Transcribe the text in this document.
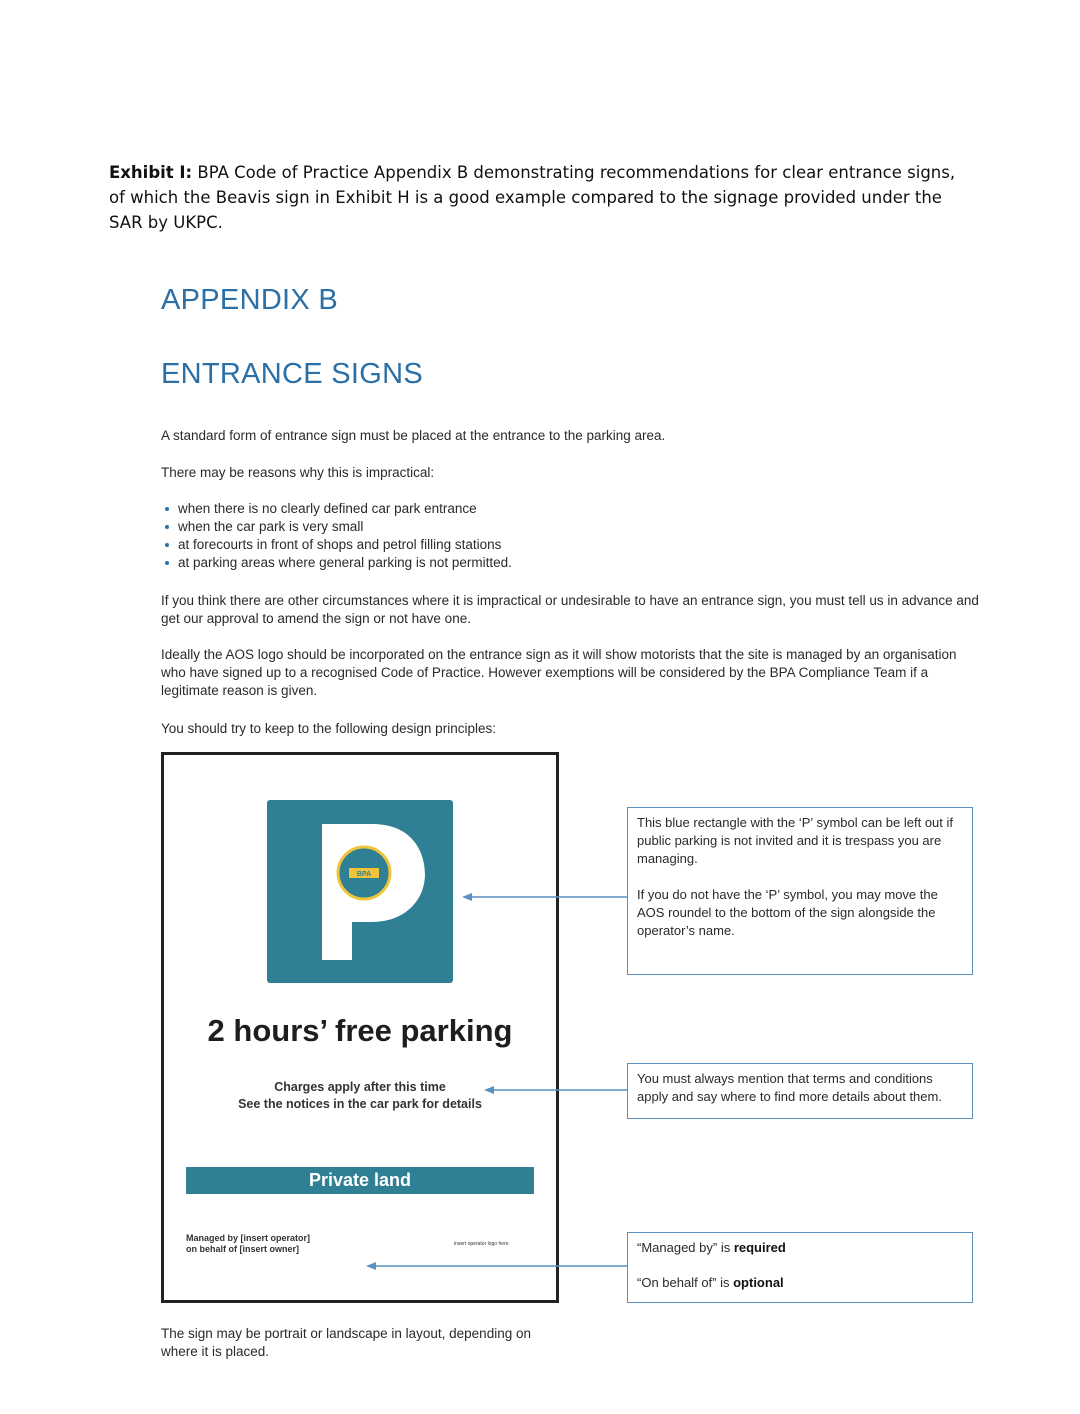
Exhibit I: BPA Code of Practice Appendix B demonstrating recommendations for clear entrance signs, of which the Beavis sign in Exhibit H is a good example compared to the signage provided under the SAR by UKPC.
APPENDIX B
ENTRANCE SIGNS
A standard form of entrance sign must be placed at the entrance to the parking area.
There may be reasons why this is impractical:
when there is no clearly defined car park entrance
when the car park is very small
at forecourts in front of shops and petrol filling stations
at parking areas where general parking is not permitted.
If you think there are other circumstances where it is impractical or undesirable to have an entrance sign, you must tell us in advance and get our approval to amend the sign or not have one.
Ideally the AOS logo should be incorporated on the entrance sign as it will show motorists that the site is managed by an organisation who have signed up to a recognised Code of Practice. However exemptions will be considered by the BPA Compliance Team if a legitimate reason is given.
You should try to keep to the following design principles:
BPA
2 hours’ free parking
Charges apply after this time
See the notices in the car park for details
Private land
Managed by [insert operator]
on behalf of [insert owner]	insert operator logo here

This blue rectangle with the ‘P’ symbol can be left out if public parking is not invited and it is trespass you are managing.

If you do not have the ‘P’ symbol, you may move the AOS roundel to the bottom of the sign alongside the operator’s name.

You must always mention that terms and conditions apply and say where to find more details about them.
“Managed by” is required
“On behalf of” is optional
The sign may be portrait or landscape in layout, depending on where it is placed.
